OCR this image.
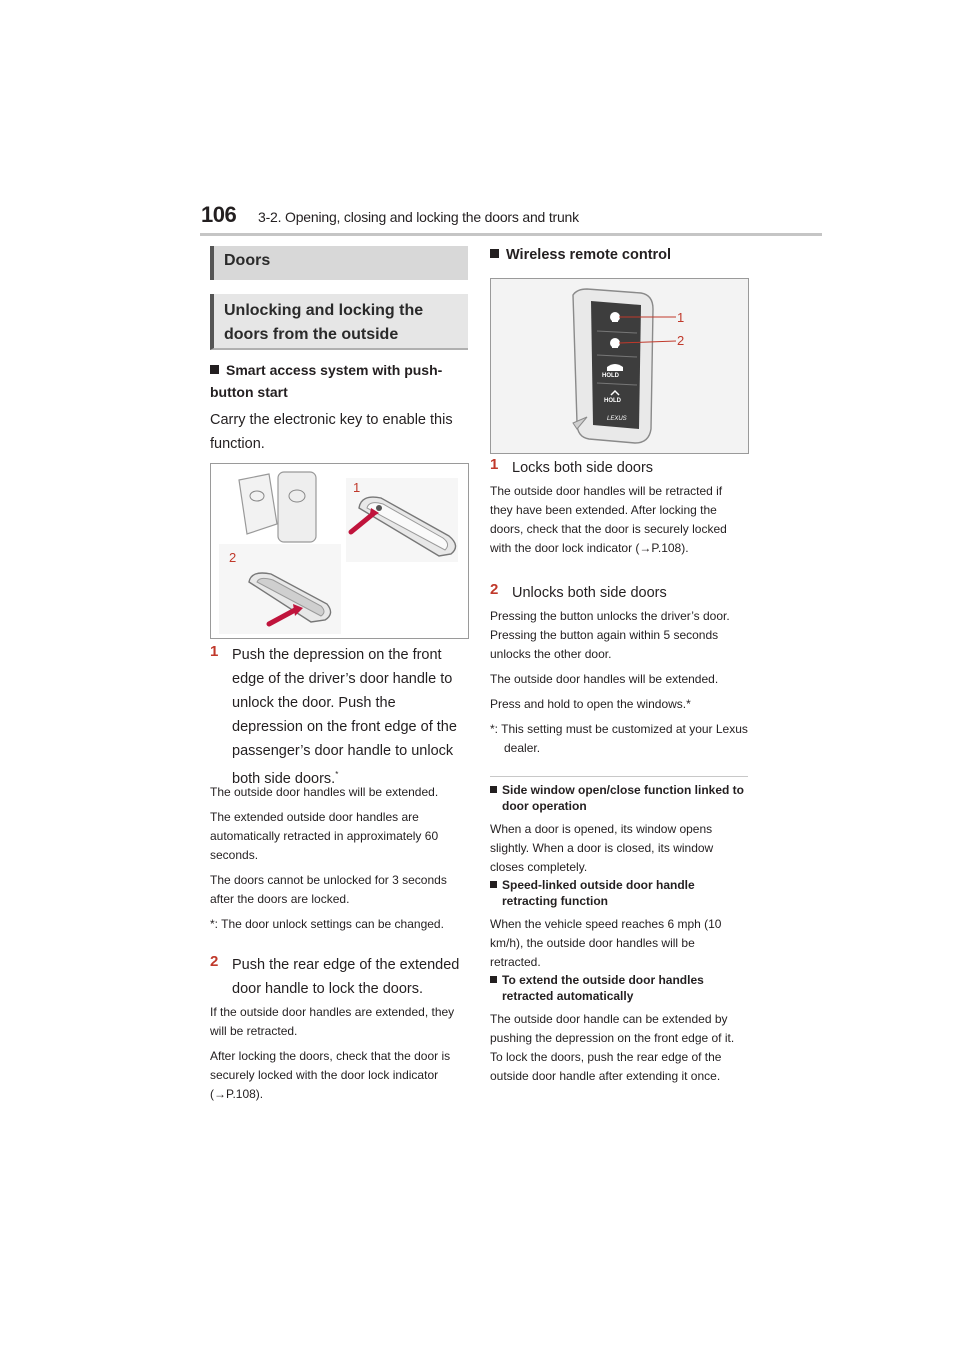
106 3-2. Opening, closing and locking the doors and trunk
Doors
Unlocking and locking the doors from the outside
Smart access system with push-button start
Carry the electronic key to enable this function.
1
2
1 Push the depression on the front edge of the driver’s door handle to unlock the door. Push the depression on the front edge of the passenger’s door handle to unlock both side doors.*

The outside door handles will be extended.

The extended outside door handles are automatically retracted in approximately 60 seconds.

The doors cannot be unlocked for 3 seconds after the doors are locked.

*: The door unlock settings can be changed.

2 Push the rear edge of the extended door handle to lock the doors.

If the outside door handles are extended, they will be retracted.

After locking the doors, check that the door is securely locked with the door lock indicator (→P.108).

Wireless remote control
HOLD
HOLD
LEXUS
1
2
1 Locks both side doors
The outside door handles will be retracted if they have been extended. After locking the doors, check that the door is securely locked with the door lock indicator (→P.108).
2 Unlocks both side doors

Pressing the button unlocks the driver’s door. Pressing the button again within 5 seconds unlocks the other door.

The outside door handles will be extended.

Press and hold to open the windows.*

*: This setting must be customized at your Lexus dealer.

Side window open/close function linked to door operation
When a door is opened, its window opens slightly. When a door is closed, its window closes completely.
Speed-linked outside door handle retracting function
When the vehicle speed reaches 6 mph (10 km/h), the outside door handles will be retracted.
To extend the outside door handles retracted automatically
The outside door handle can be extended by pushing the depression on the front edge of it. To lock the doors, push the rear edge of the outside door handle after extending it once.
